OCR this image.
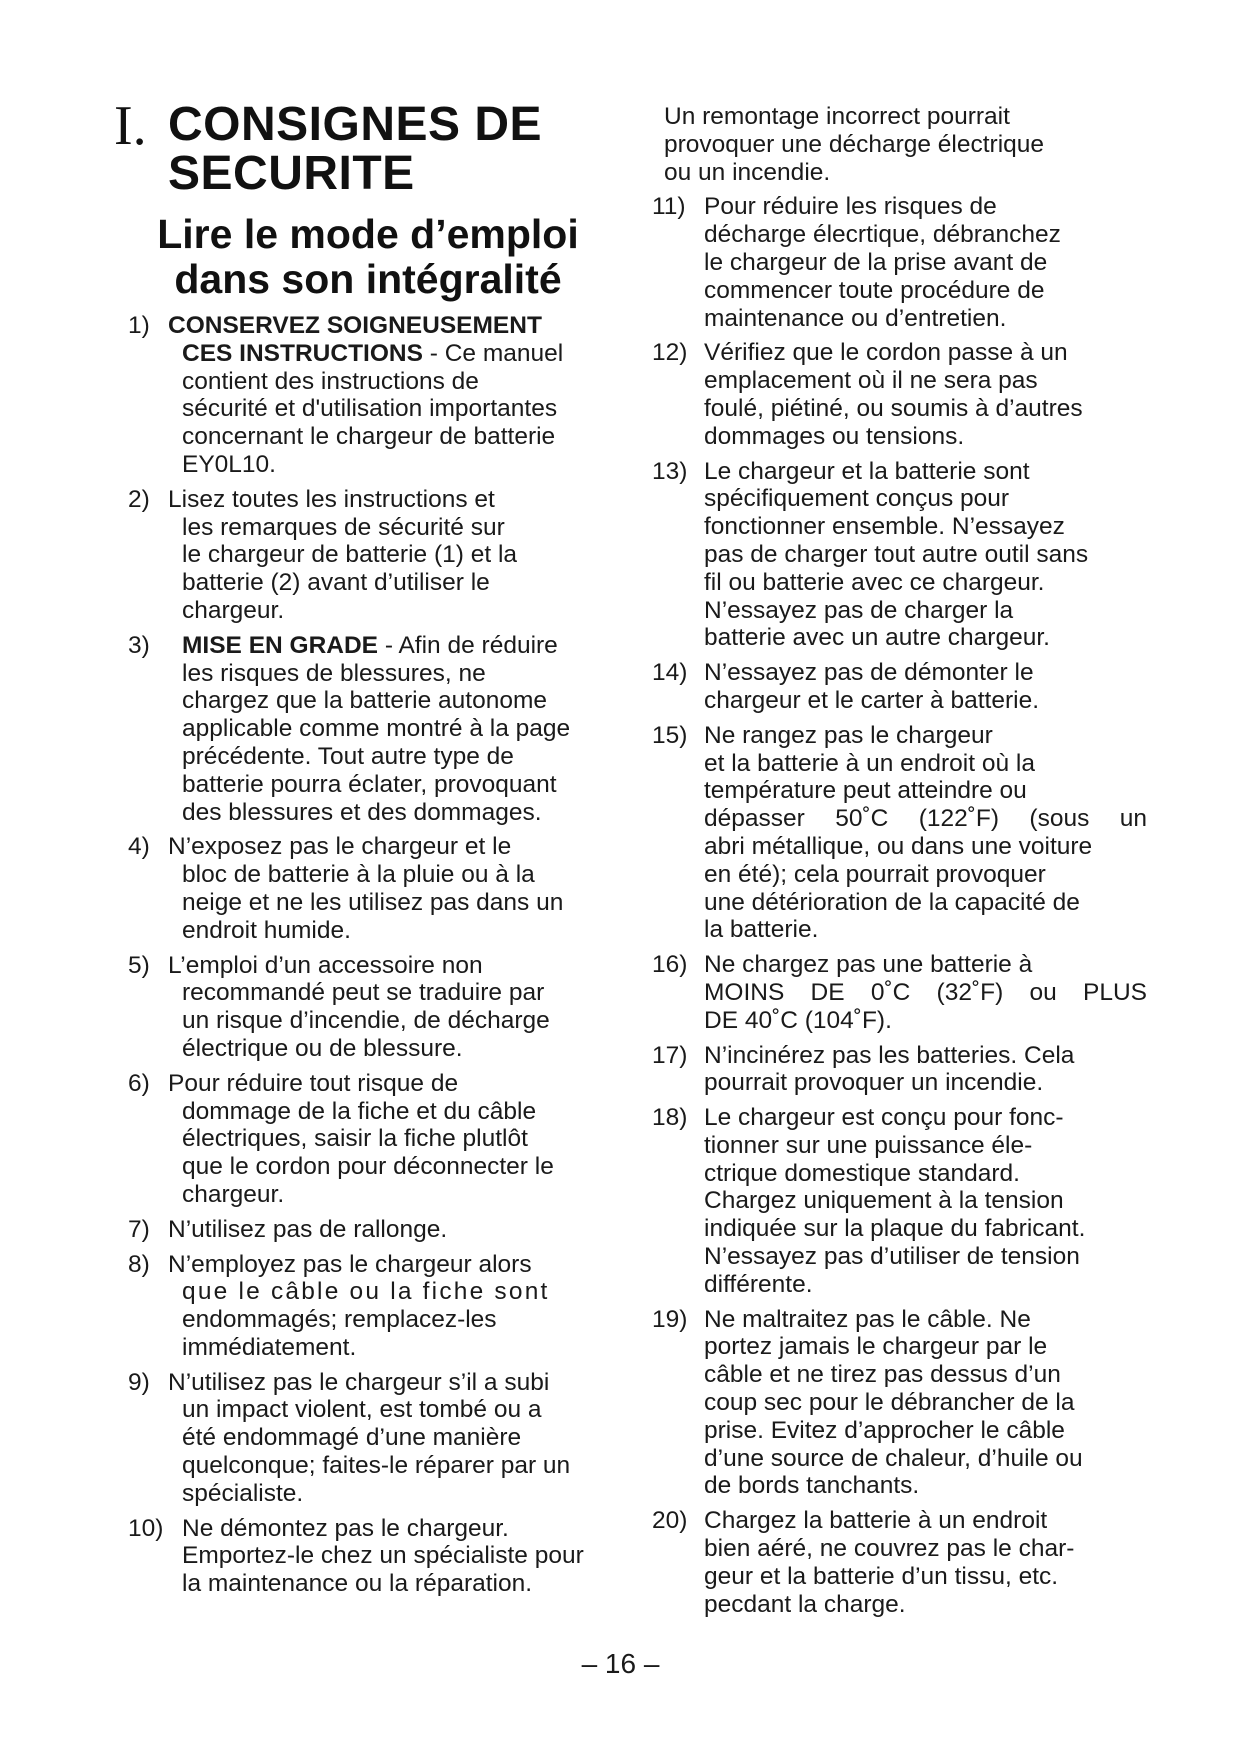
I. CONSIGNES DE
SECURITE
Lire le mode d’emploi
dans son intégralité
1) CONSERVEZ SOIGNEUSEMENT
CES INSTRUCTIONS - Ce manuel
contient des instructions de
sécurité et d'utilisation importantes
concernant le chargeur de batterie
EY0L10.
2) Lisez toutes les instructions et
les remarques de sécurité sur
le chargeur de batterie (1) et la
batterie (2) avant d’utiliser le
chargeur.
3)	MISE EN GRADE - Afin de réduire
les risques de blessures, ne
chargez que la batterie autonome
applicable comme montré à la page
précédente. Tout autre type de
batterie pourra éclater, provoquant
des blessures et des dommages.
4) N’exposez pas le chargeur et le
bloc de batterie à la pluie ou à la
neige et ne les utilisez pas dans un
endroit humide.
5) L’emploi d’un accessoire non
recommandé peut se traduire par
un risque d’incendie, de décharge
électrique ou de blessure.
6) Pour réduire tout risque de
dommage de la fiche et du câble
électriques, saisir la fiche plutlôt
que le cordon pour déconnecter le
chargeur.
7) N’utilisez pas de rallonge.
8) N’employez pas le chargeur alors
que le câble ou la fiche sont
endommagés; remplacez-les
immédiatement.
9) N’utilisez pas le chargeur s’il a subi
un impact violent, est tombé ou a
été endommagé d’une manière
quelconque; faites-le réparer par un
spécialiste.
10) Ne démontez pas le chargeur.
Emportez-le chez un spécialiste pour
la maintenance ou la réparation.
Un remontage incorrect pourrait
provoquer une décharge électrique
ou un incendie.
11) Pour réduire les risques de
décharge élecrtique, débranchez
le chargeur de la prise avant de
commencer toute procédure de
maintenance ou d’entretien.
12) Vérifiez que le cordon passe à un
emplacement où il ne sera pas
foulé, piétiné, ou soumis à d’autres
dommages ou tensions.
13) Le chargeur et la batterie sont
spécifiquement conçus pour
fonctionner ensemble. N’essayez
pas de charger tout autre outil sans
fil ou batterie avec ce chargeur.
N’essayez pas de charger la
batterie avec un autre chargeur.
14) N’essayez pas de démonter le
chargeur et le carter à batterie.
15) Ne rangez pas le chargeur
et la batterie à un endroit où la
température peut atteindre ou
dépasser 50˚C (122˚F) (sous un
abri métallique, ou dans une voiture
en été); cela pourrait provoquer
une détérioration de la capacité de
la batterie.
16) Ne chargez pas une batterie à
MOINS DE 0˚C (32˚F) ou PLUS
DE 40˚C (104˚F).
17) N’incinérez pas les batteries. Cela
pourrait provoquer un incendie.
18) Le chargeur est conçu pour fonc-
tionner sur une puissance éle-
ctrique domestique standard.
Chargez uniquement à la tension
indiquée sur la plaque du fabricant.
N’essayez pas d’utiliser de tension
différente.
19) Ne maltraitez pas le câble. Ne
portez jamais le chargeur par le
câble et ne tirez pas dessus d’un
coup sec pour le débrancher de la
prise. Evitez d’approcher le câble
d’une source de chaleur, d’huile ou
de bords tanchants.
20) Chargez la batterie à un endroit
bien aéré, ne couvrez pas le char-
geur et la batterie d’un tissu, etc.
pecdant la charge.
– 16 –
